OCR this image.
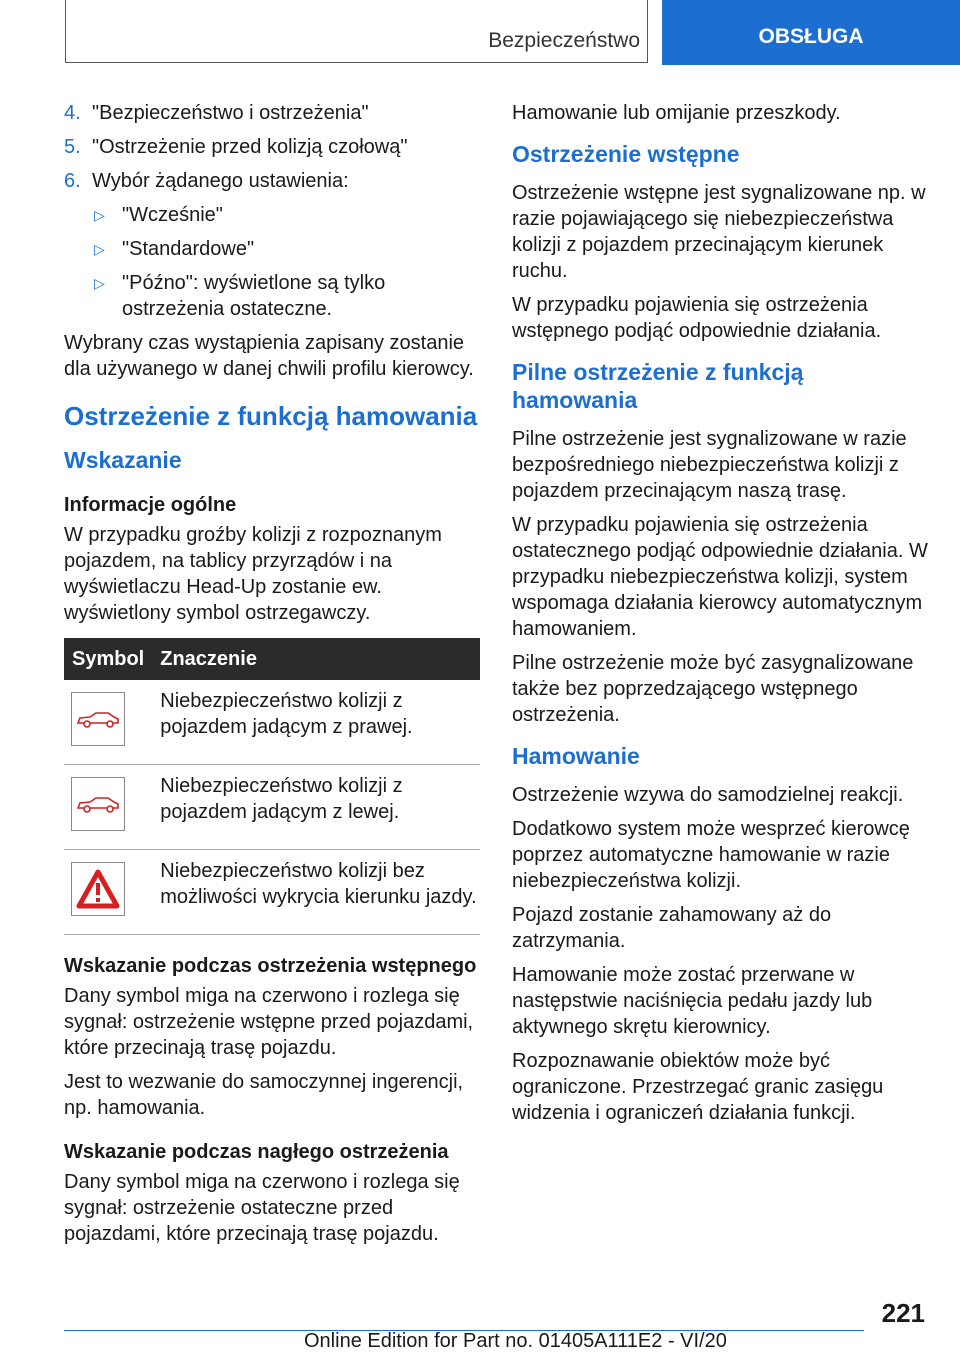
Bezpieczeństwo	OBSŁUGA
4. "Bezpieczeństwo i ostrzeżenia"
5. "Ostrzeżenie przed kolizją czołową"
6. Wybór żądanego ustawienia:
▷ "Wcześnie"
▷ "Standardowe"
▷ "Późno": wyświetlone są tylko ostrzeżenia ostateczne.

Wybrany czas wystąpienia zapisany zostanie dla używanego w danej chwili profilu kierowcy.

Ostrzeżenie z funkcją hamowania
Wskazanie
Informacje ogólne

W przypadku groźby kolizji z rozpoznanym pojazdem, na tablicy przyrządów i na wyświetlaczu Head-Up zostanie ew. wyświetlony symbol ostrzegawczy.

Symbol	Znaczenie

	Niebezpieczeństwo kolizji z pojazdem jadącym z prawej.

	Niebezpieczeństwo kolizji z pojazdem jadącym z lewej.

	Niebezpieczeństwo kolizji bez możliwości wykrycia kierunku jazdy.
Wskazanie podczas ostrzeżenia wstępnego

Dany symbol miga na czerwono i rozlega się sygnał: ostrzeżenie wstępne przed pojazdami, które przecinają trasę pojazdu.

Jest to wezwanie do samoczynnej ingerencji, np. hamowania.

Wskazanie podczas nagłego ostrzeżenia

Dany symbol miga na czerwono i rozlega się sygnał: ostrzeżenie ostateczne przed pojazdami, które przecinają trasę pojazdu.

Hamowanie lub omijanie przeszkody.

Ostrzeżenie wstępne

Ostrzeżenie wstępne jest sygnalizowane np. w razie pojawiającego się niebezpieczeństwa kolizji z pojazdem przecinającym kierunek ruchu.

W przypadku pojawienia się ostrzeżenia wstępnego podjąć odpowiednie działania.

Pilne ostrzeżenie z funkcją hamowania

Pilne ostrzeżenie jest sygnalizowane w razie bezpośredniego niebezpieczeństwa kolizji z pojazdem przecinającym naszą trasę.

W przypadku pojawienia się ostrzeżenia ostatecznego podjąć odpowiednie działania. W przypadku niebezpieczeństwa kolizji, system wspomaga działania kierowcy automatycznym hamowaniem.

Pilne ostrzeżenie może być zasygnalizowane także bez poprzedzającego wstępnego ostrzeżenia.

Hamowanie

Ostrzeżenie wzywa do samodzielnej reakcji.

Dodatkowo system może wesprzeć kierowcę poprzez automatyczne hamowanie w razie niebezpieczeństwa kolizji.

Pojazd zostanie zahamowany aż do zatrzymania.

Hamowanie może zostać przerwane w następstwie naciśnięcia pedału jazdy lub aktywnego skrętu kierownicy.

Rozpoznawanie obiektów może być ograniczone. Przestrzegać granic zasięgu widzenia i ograniczeń działania funkcji.

221
Online Edition for Part no. 01405A111E2 - VI/20
